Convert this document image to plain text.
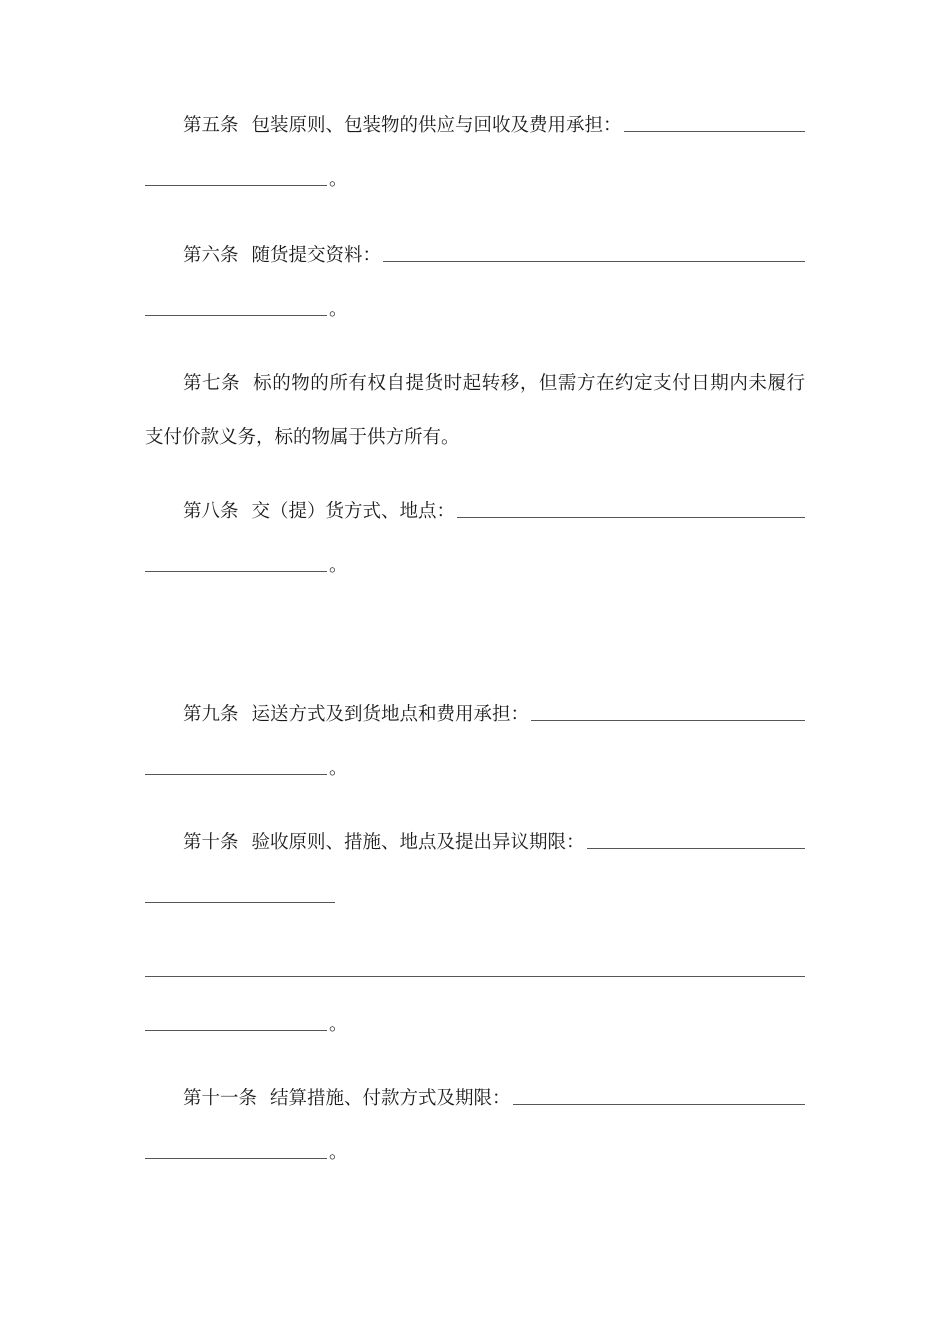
第五条 包装原则、包装物的供应与回收及费用承担：
。
第六条 随货提交资料：
。
第七条 标的物的所有权自提货时起转移，但需方在约定支付日期内未履行
支付价款义务，标的物属于供方所有。
第八条 交（提）货方式、地点：
。
第九条 运送方式及到货地点和费用承担：
。
第十条 验收原则、措施、地点及提出异议期限：
。
第十一条 结算措施、付款方式及期限：
。
